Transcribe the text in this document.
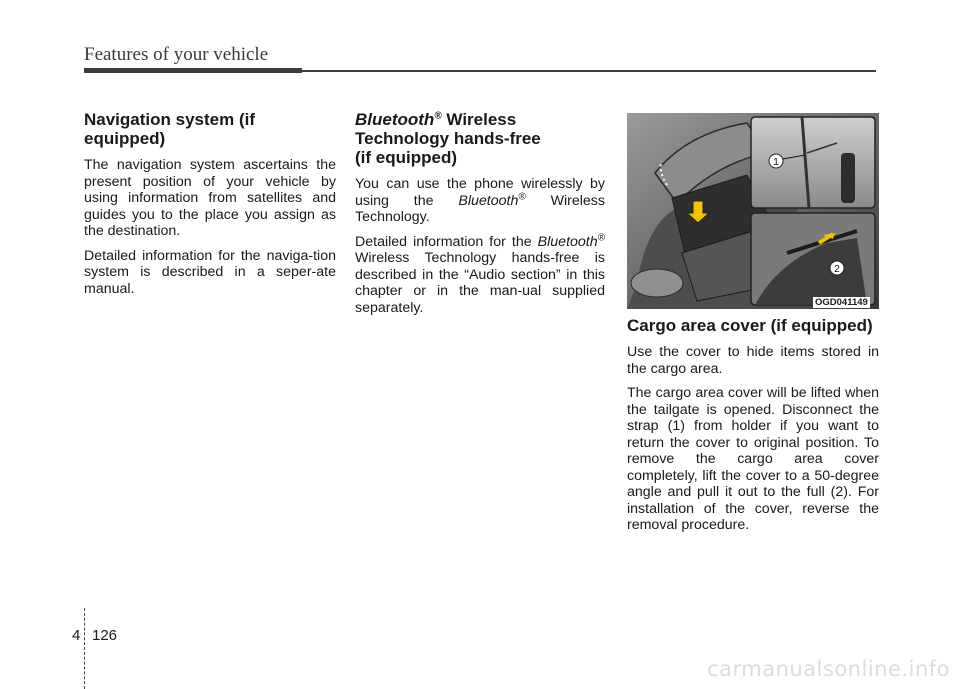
Features of your vehicle
Navigation system (if equipped)

The navigation system ascertains the present position of your vehicle by using information from satellites and guides you to the place you assign as the destination.

Detailed information for the naviga-tion system is described in a seper-ate manual.

Bluetooth® Wireless
Technology hands-free
(if equipped)

You can use the phone wirelessly by using the Bluetooth® Wireless Technology.

Detailed information for the Bluetooth® Wireless Technology hands-free is described in the “Audio section” in this chapter or in the man-ual supplied separately.

1
2
OGD041149
Cargo area cover (if equipped)

Use the cover to hide items stored in the cargo area.

The cargo area cover will be lifted when the tailgate is opened. Disconnect the strap (1) from holder if you want to return the cover to original position. To remove the cargo area cover completely, lift the cover to a 50-degree angle and pull it out to the full (2). For installation of the cover, reverse the removal procedure.

4 126
carmanualsonline.info
